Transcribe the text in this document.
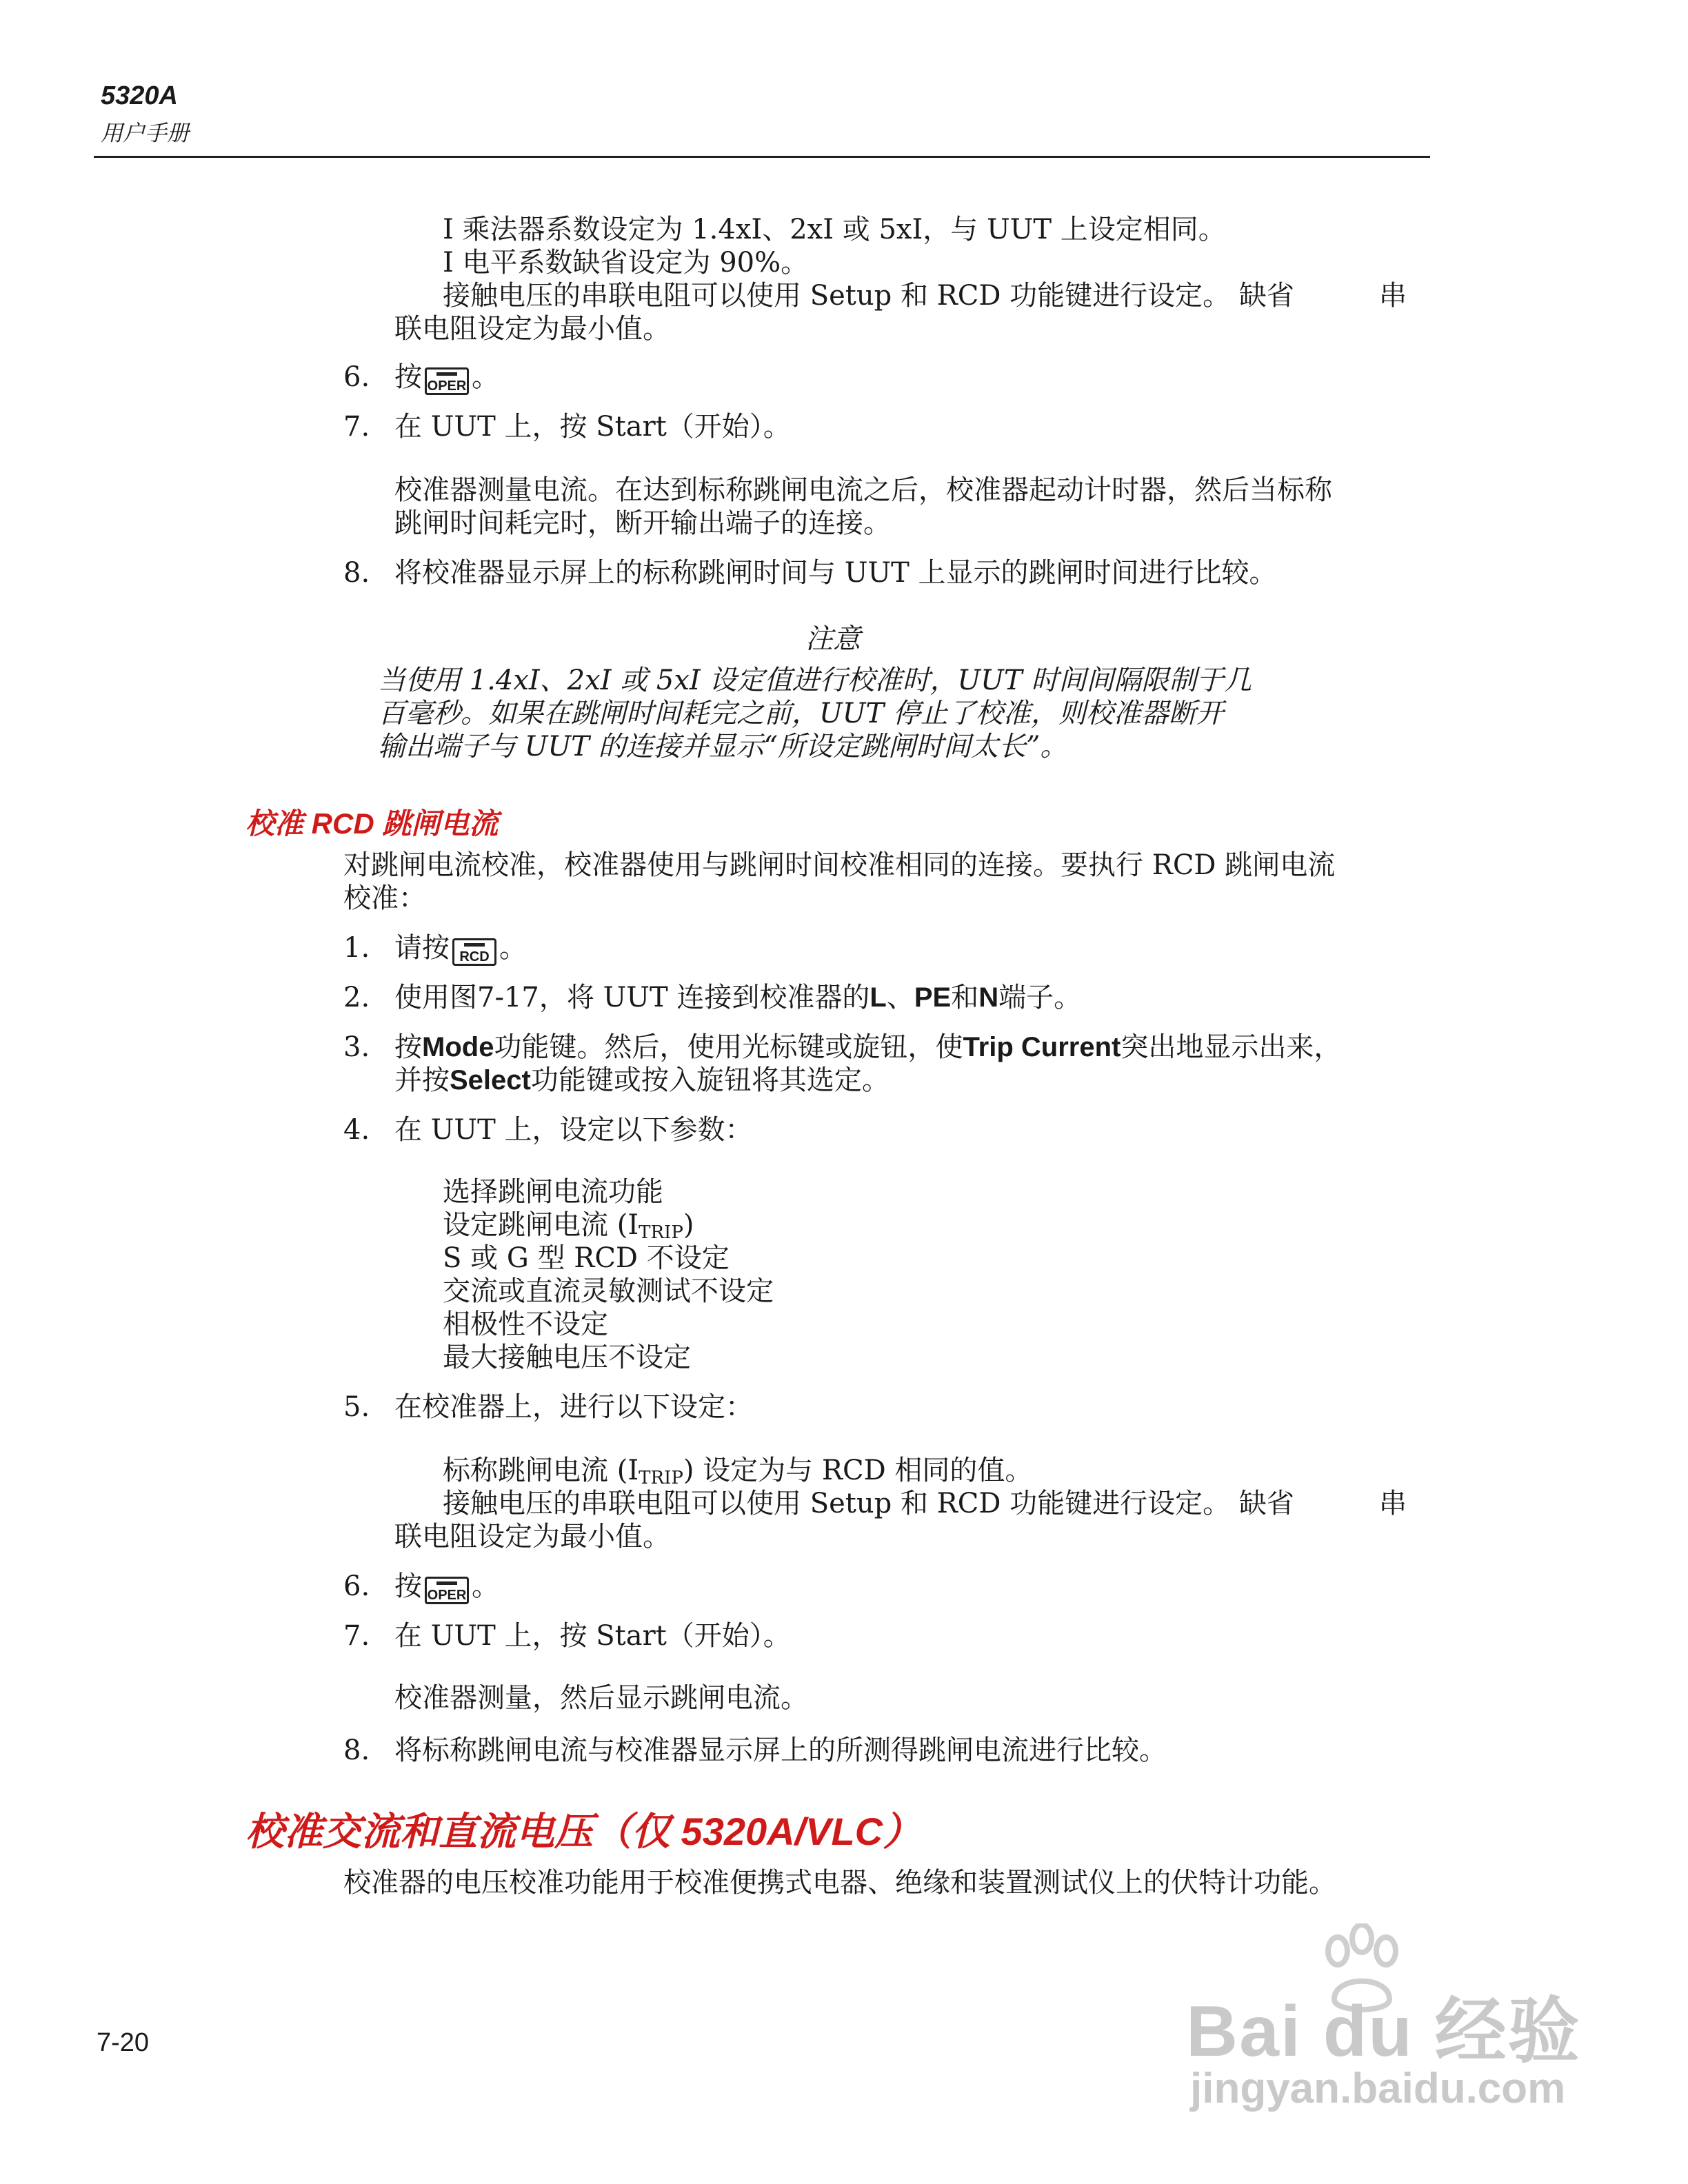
5320A
用户手册
I 乘法器系数设定为 1.4xI、2xI 或 5xI，与 UUT 上设定相同。
I 电平系数缺省设定为 90%。
接触电压的串联电阻可以使用 Setup 和 RCD 功能键进行设定。 缺省	串
联电阻设定为最小值。
6. 按 OPER 。
7. 在 UUT 上，按 Start（开始）。
校准器测量电流。在达到标称跳闸电流之后，校准器起动计时器，然后当标称
跳闸时间耗完时，断开输出端子的连接。
8. 将校准器显示屏上的标称跳闸时间与 UUT 上显示的跳闸时间进行比较。
注意
当使用 1.4xI、2xI 或 5xI 设定值进行校准时，UUT 时间间隔限制于几
百毫秒。如果在跳闸时间耗完之前，UUT 停止了校准，则校准器断开
输出端子与 UUT 的连接并显示“所设定跳闸时间太长”。
校准 RCD 跳闸电流
对跳闸电流校准，校准器使用与跳闸时间校准相同的连接。要执行 RCD 跳闸电流
校准：
1. 请按 RCD 。
2. 使用图7-17，将 UUT 连接到校准器的L、PE和N端子。
3. 按Mode功能键。然后，使用光标键或旋钮，使Trip Current突出地显示出来，
并按Select功能键或按入旋钮将其选定。
4. 在 UUT 上，设定以下参数：
选择跳闸电流功能
设定跳闸电流 (ITRIP)
S 或 G 型 RCD 不设定
交流或直流灵敏测试不设定
相极性不设定
最大接触电压不设定
5. 在校准器上，进行以下设定：
标称跳闸电流 (ITRIP) 设定为与 RCD 相同的值。
接触电压的串联电阻可以使用 Setup 和 RCD 功能键进行设定。 缺省	串
联电阻设定为最小值。
6. 按 OPER 。
7. 在 UUT 上，按 Start（开始）。
校准器测量，然后显示跳闸电流。
8. 将标称跳闸电流与校准器显示屏上的所测得跳闸电流进行比较。
校准交流和直流电压（仅 5320A/VLC）
校准器的电压校准功能用于校准便携式电器、绝缘和装置测试仪上的伏特计功能。
7-20	Bai du 经验
jingyan.baidu.com
